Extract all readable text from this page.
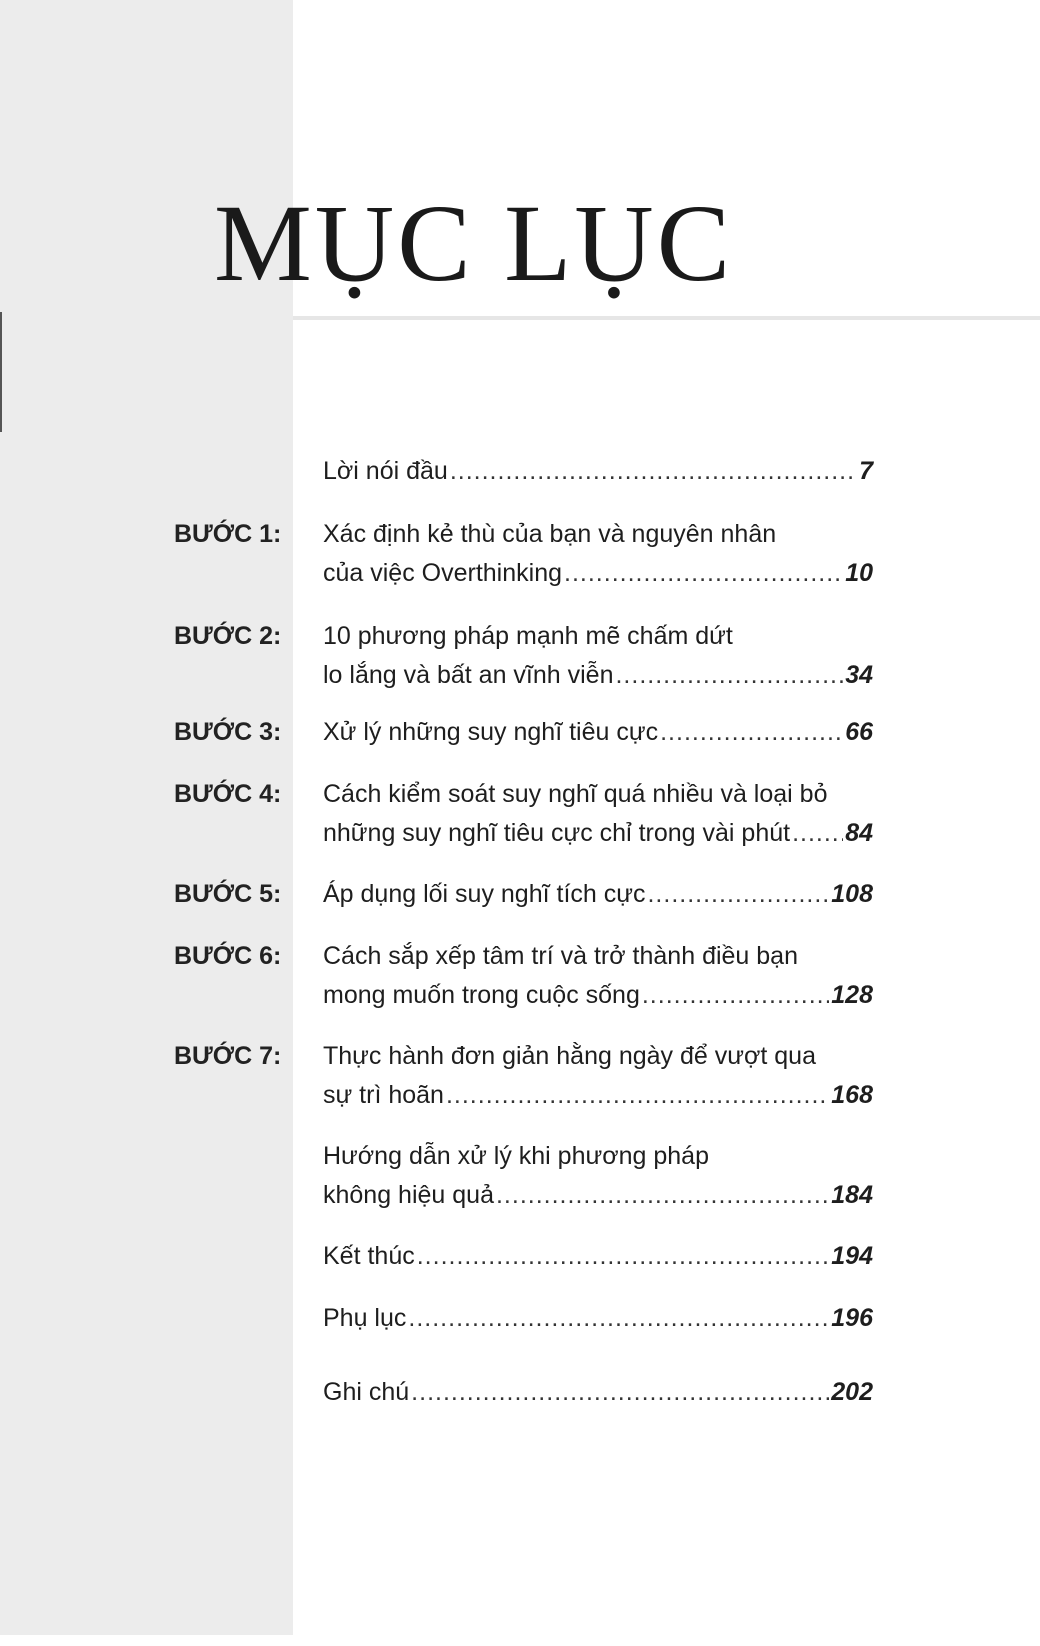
MỤC LỤC
Lời nói đầu .....	7
BƯỚC 1: Xác định kẻ thù của bạn và nguyên nhân
của việc Overthinking .....	10
BƯỚC 2: 10 phương pháp mạnh mẽ chấm dứt
lo lắng và bất an vĩnh viễn .....	34
BƯỚC 3: Xử lý những suy nghĩ tiêu cực .....	66
BƯỚC 4: Cách kiểm soát suy nghĩ quá nhiều và loại bỏ
những suy nghĩ tiêu cực chỉ trong vài phút ..... 84
BƯỚC 5: Áp dụng lối suy nghĩ tích cực .....	108
BƯỚC 6: Cách sắp xếp tâm trí và trở thành điều bạn
mong muốn trong cuộc sống .....	128
BƯỚC 7: Thực hành đơn giản hằng ngày để vượt qua
sự trì hoãn .....	168
Hướng dẫn xử lý khi phương pháp
không hiệu quả .....	184
Kết thúc .....	194
Phụ lục .....	196
Ghi chú .....	202
